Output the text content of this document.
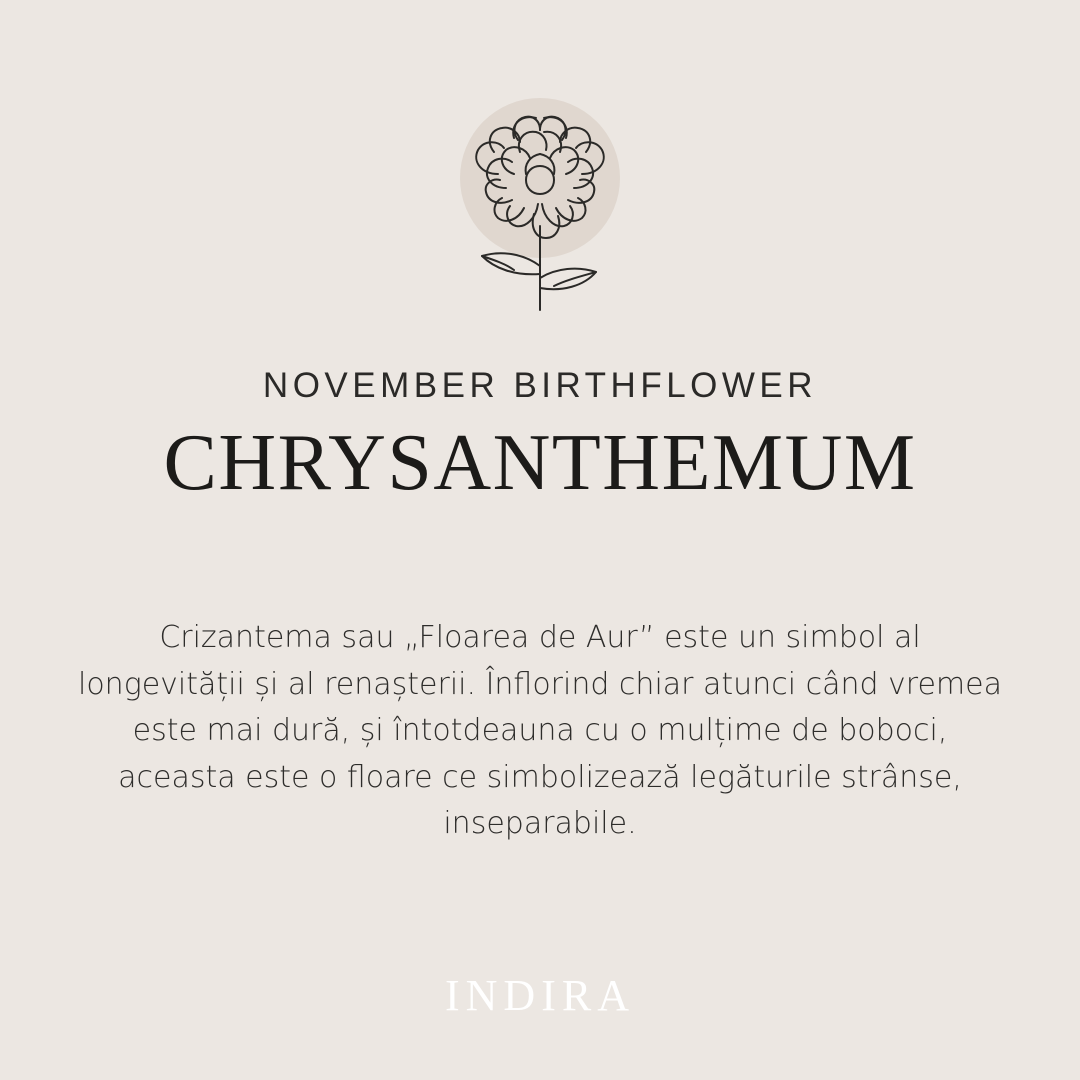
NOVEMBER BIRTHFLOWER
CHRYSANTHEMUM
Crizantema sau „Floarea de Aur” este un simbol al longevității și al renașterii. Înflorind chiar atunci când vremea este mai dură, și întotdeauna cu o mulțime de boboci, aceasta este o floare ce simbolizează legăturile strânse, inseparabile.
INDIRA
